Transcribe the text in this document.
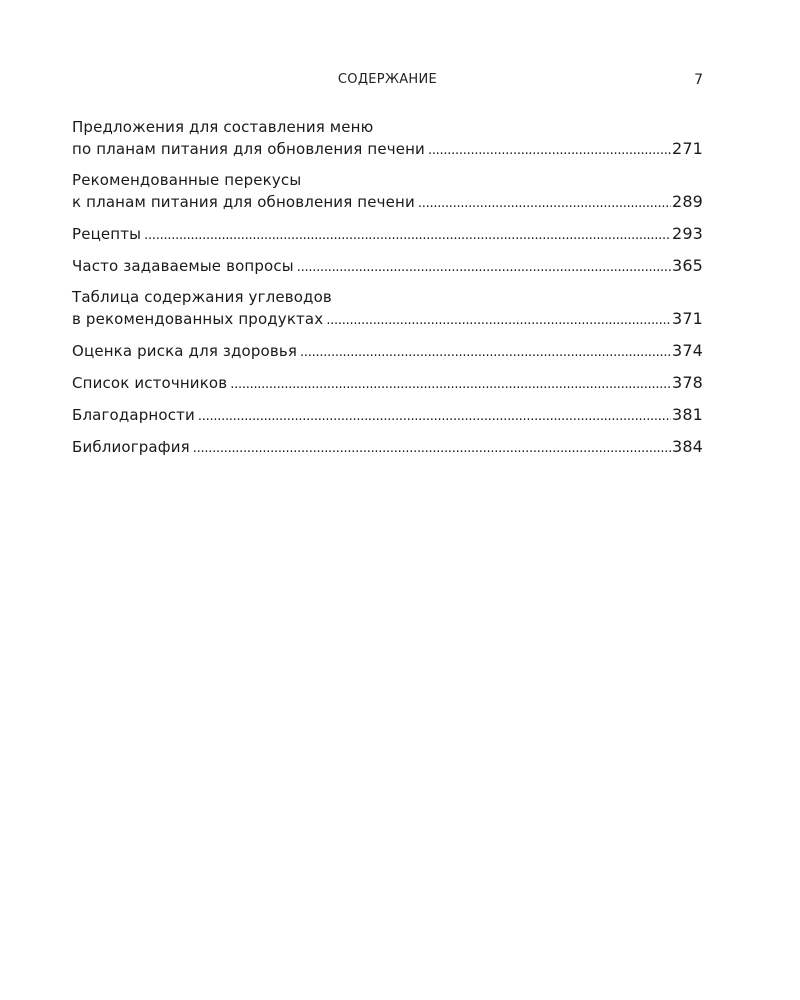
СОДЕРЖАНИЕ	7
Предложения для составления меню
по планам питания для обновления печени . . .	271
Рекомендованные перекусы
к планам питания для обновления печени . . .	289
Рецепты . . .	293
Часто задаваемые вопросы . . .	365
Таблица содержания углеводов
в рекомендованных продуктах . . .	371
Оценка риска для здоровья . . .	374
Список источников . . .	378
Благодарности . . .	381
Библиография . . .	384
